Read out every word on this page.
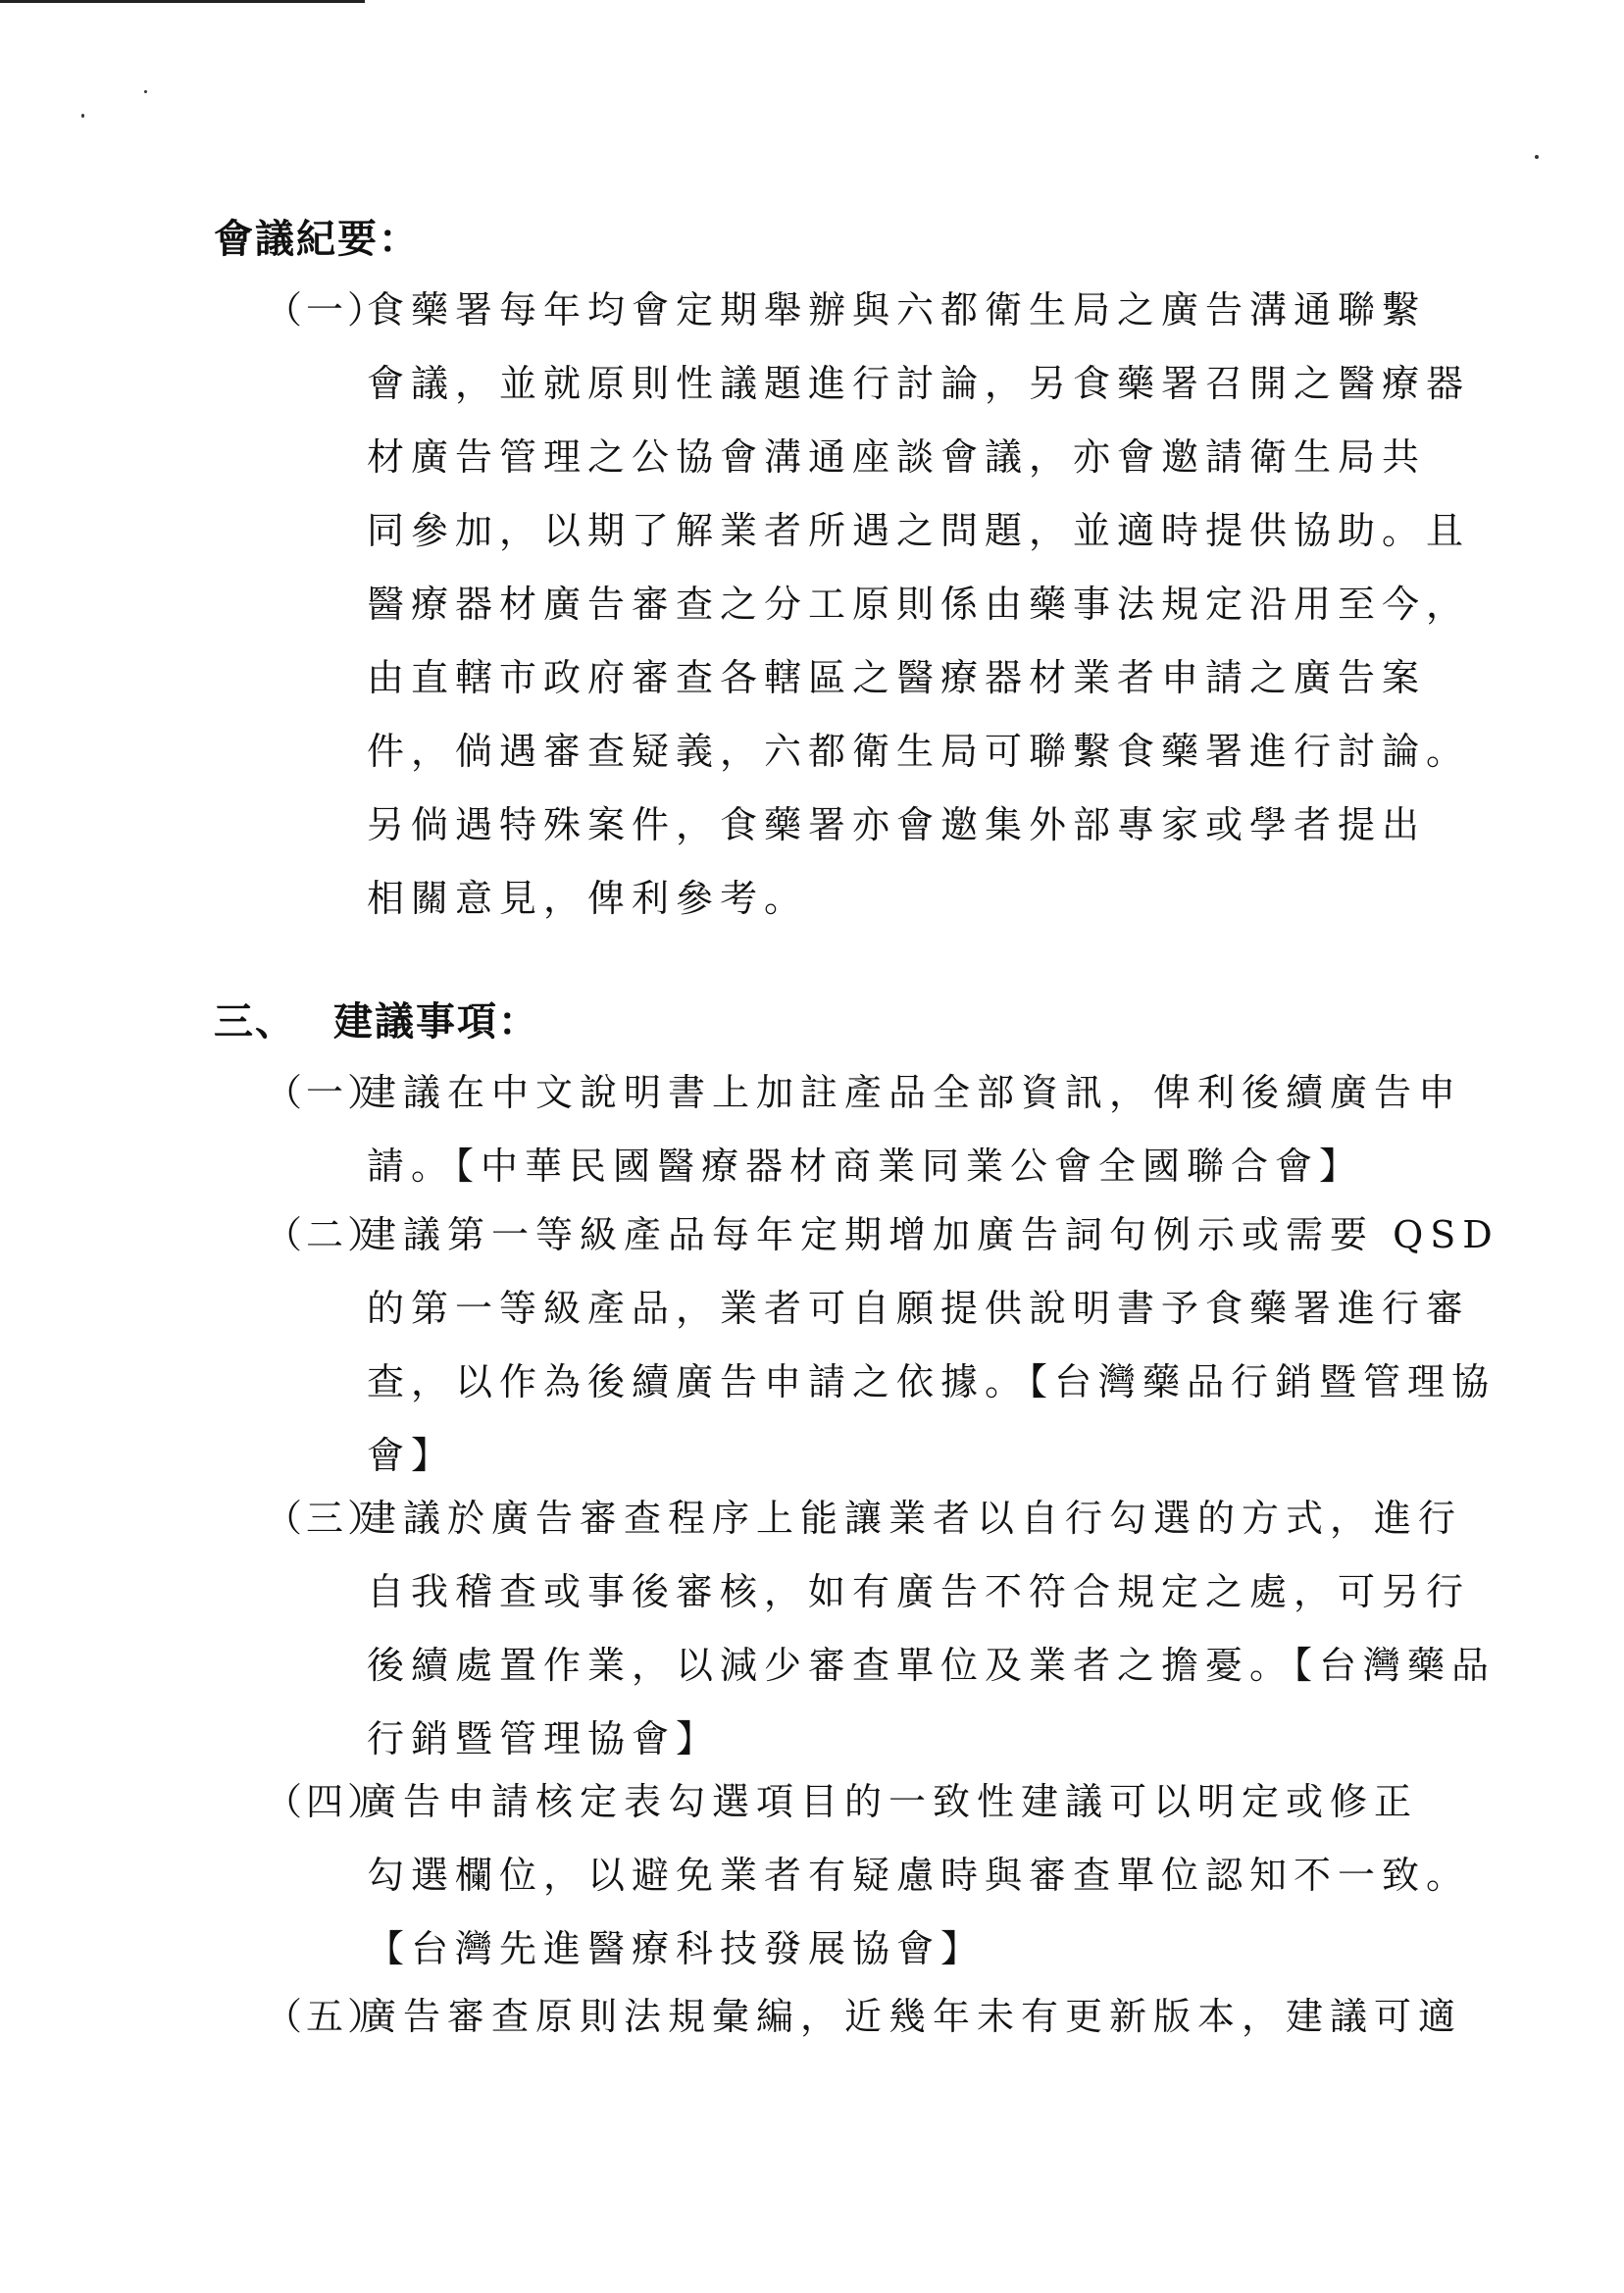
會議紀要：
（一）
食藥署每年均會定期舉辦與六都衛生局之廣告溝通聯繫
會議，並就原則性議題進行討論，另食藥署召開之醫療器
材廣告管理之公協會溝通座談會議，亦會邀請衛生局共
同參加，以期了解業者所遇之問題，並適時提供協助。且
醫療器材廣告審查之分工原則係由藥事法規定沿用至今，
由直轄市政府審查各轄區之醫療器材業者申請之廣告案
件，倘遇審查疑義，六都衛生局可聯繫食藥署進行討論。
另倘遇特殊案件，食藥署亦會邀集外部專家或學者提出
相關意見，俾利參考。
三、 建議事項：
（一）
建議在中文說明書上加註產品全部資訊，俾利後續廣告申
請。【中華民國醫療器材商業同業公會全國聯合會】
（二）
建議第一等級產品每年定期增加廣告詞句例示或需要 QSD
的第一等級產品，業者可自願提供說明書予食藥署進行審
查，以作為後續廣告申請之依據。【台灣藥品行銷暨管理協
會】
（三）
建議於廣告審查程序上能讓業者以自行勾選的方式，進行
自我稽查或事後審核，如有廣告不符合規定之處，可另行
後續處置作業，以減少審查單位及業者之擔憂。【台灣藥品
行銷暨管理協會】
（四）
廣告申請核定表勾選項目的一致性建議可以明定或修正
勾選欄位，以避免業者有疑慮時與審查單位認知不一致。
【台灣先進醫療科技發展協會】
（五）
廣告審查原則法規彙編，近幾年未有更新版本，建議可適
